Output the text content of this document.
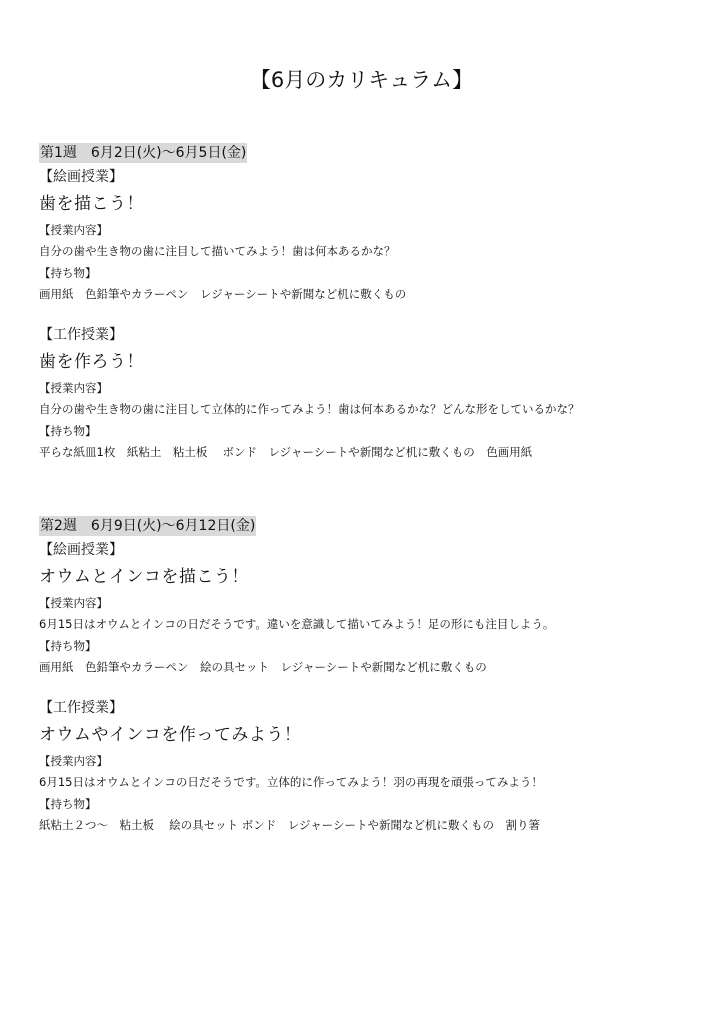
【6月のカリキュラム】
第1週　6月2日(火)〜6月5日(金)
【絵画授業】
歯を描こう！
【授業内容】
自分の歯や生き物の歯に注目して描いてみよう！歯は何本あるかな？
【持ち物】
画用紙　色鉛筆やカラーペン　レジャーシートや新聞など机に敷くもの
【工作授業】
歯を作ろう！
【授業内容】
自分の歯や生き物の歯に注目して立体的に作ってみよう！歯は何本あるかな？どんな形をしているかな？
【持ち物】
平らな紙皿1枚　紙粘土　粘土板　 ボンド　レジャーシートや新聞など机に敷くもの　色画用紙
第2週　6月9日(火)〜6月12日(金)
【絵画授業】
オウムとインコを描こう！
【授業内容】
6月15日はオウムとインコの日だそうです。違いを意識して描いてみよう！足の形にも注目しよう。
【持ち物】
画用紙　色鉛筆やカラーペン　絵の具セット　レジャーシートや新聞など机に敷くもの
【工作授業】
オウムやインコを作ってみよう！
【授業内容】
6月15日はオウムとインコの日だそうです。立体的に作ってみよう！羽の再現を頑張ってみよう！
【持ち物】
紙粘土２つ〜　粘土板　 絵の具セット ボンド　レジャーシートや新聞など机に敷くもの　割り箸
